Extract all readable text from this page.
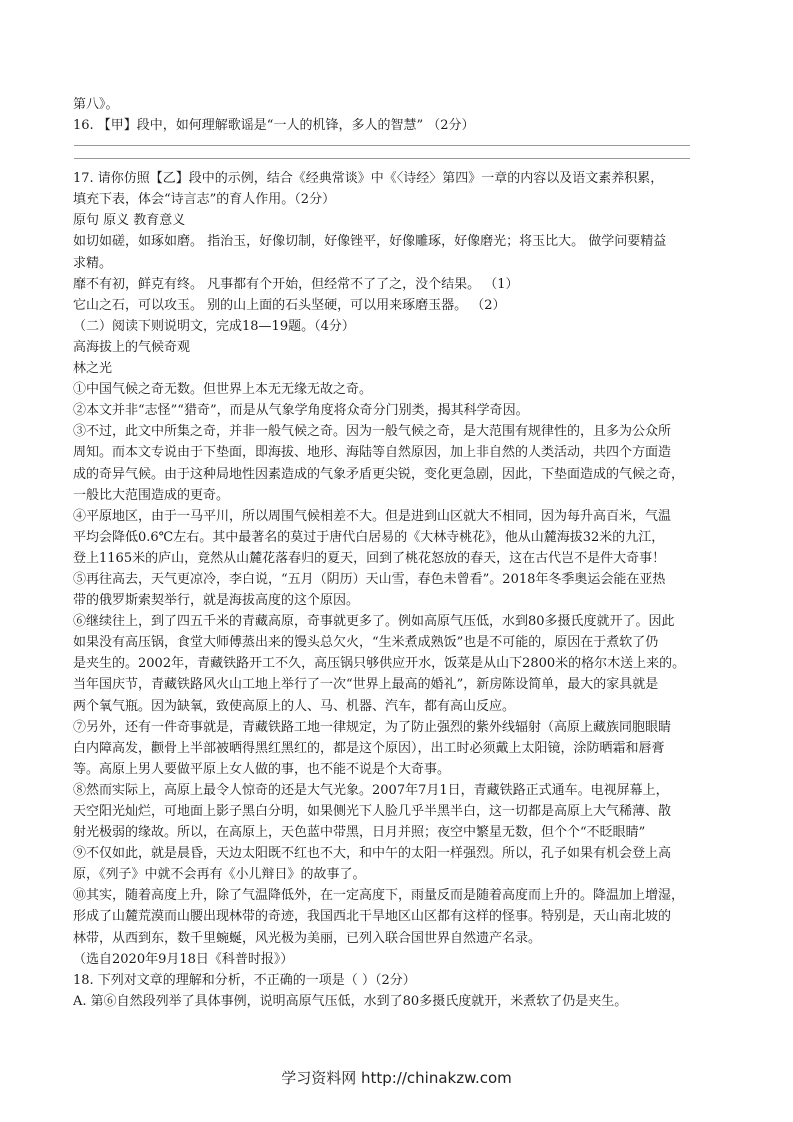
第八》。
16. 【甲】段中，如何理解歌谣是“一人的机锋，多人的智慧” （2分）
17. 请你仿照【乙】段中的示例，结合《经典常谈》中《〈诗经〉第四》一章的内容以及语文素养积累，
填充下表，体会“诗言志”的育人作用。（2分）
原句 原义 教育意义
如切如磋，如琢如磨。 指治玉，好像切制，好像锉平，好像雕琢，好像磨光；将玉比大。 做学问要精益
求精。
靡不有初，鲜克有终。 凡事都有个开始，但经常不了了之，没个结果。 （1）
它山之石，可以攻玉。 别的山上面的石头坚硬，可以用来琢磨玉器。 （2）
（二）阅读下则说明文，完成18—19题。（4分）
高海拔上的气候奇观
林之光
①中国气候之奇无数。但世界上本无无缘无故之奇。
②本文并非“志怪”“猎奇”，而是从气象学角度将众奇分门别类，揭其科学奇因。
③不过，此文中所集之奇，并非一般气候之奇。因为一般气候之奇，是大范围有规律性的，且多为公众所
周知。而本文专说由于下垫面，即海拔、地形、海陆等自然原因，加上非自然的人类活动，共四个方面造
成的奇异气候。由于这种局地性因素造成的气象矛盾更尖锐，变化更急剧，因此，下垫面造成的气候之奇，
一般比大范围造成的更奇。
④平原地区，由于一马平川，所以周围气候相差不大。但是进到山区就大不相同，因为每升高百米，气温
平均会降低0.6℃左右。其中最著名的莫过于唐代白居易的《大林寺桃花》，他从山麓海拔32米的九江，
登上1165米的庐山，竟然从山麓花落春归的夏天，回到了桃花怒放的春天，这在古代岂不是件大奇事！
⑤再往高去，天气更凉冷，李白说，“五月（阴历）天山雪，春色未曾看”。2018年冬季奥运会能在亚热
带的俄罗斯索契举行，就是海拔高度的这个原因。
⑥继续往上，到了四五千米的青藏高原，奇事就更多了。例如高原气压低，水到80多摄氏度就开了。因此
如果没有高压锅，食堂大师傅蒸出来的馒头总欠火，“生米煮成熟饭”也是不可能的，原因在于煮软了仍
是夹生的。2002年，青藏铁路开工不久，高压锅只够供应开水，饭菜是从山下2800米的格尔木送上来的。
当年国庆节，青藏铁路风火山工地上举行了一次“世界上最高的婚礼”，新房陈设简单，最大的家具就是
两个氧气瓶。因为缺氧，致使高原上的人、马、机器、汽车，都有高山反应。
⑦另外，还有一件奇事就是，青藏铁路工地一律规定，为了防止强烈的紫外线辐射（高原上藏族同胞眼睛
白内障高发，颧骨上半部被晒得黑红黑红的，都是这个原因），出工时必须戴上太阳镜，涂防晒霜和唇膏
等。高原上男人要做平原上女人做的事，也不能不说是个大奇事。
⑧然而实际上，高原上最令人惊奇的还是大气光象。2007年7月1日，青藏铁路正式通车。电视屏幕上，
天空阳光灿烂，可地面上影子黑白分明，如果侧光下人脸几乎半黑半白，这一切都是高原上大气稀薄、散
射光极弱的缘故。所以，在高原上，天色蓝中带黑，日月并照；夜空中繁星无数，但个个“不眨眼睛”
⑨不仅如此，就是晨昏，天边太阳既不红也不大，和中午的太阳一样强烈。所以，孔子如果有机会登上高
原，《列子》中就不会再有《小儿辩日》的故事了。
⑩其实，随着高度上升，除了气温降低外，在一定高度下，雨量反而是随着高度而上升的。降温加上增湿，
形成了山麓荒漠而山腰出现林带的奇迹，我国西北干旱地区山区都有这样的怪事。特别是，天山南北坡的
林带，从西到东，数千里蜿蜒，风光极为美丽，已列入联合国世界自然遗产名录。
（选自2020年9月18日《科普时报》）
18. 下列对文章的理解和分析，不正确的一项是（ ）（2分）
A. 第⑥自然段列举了具体事例，说明高原气压低，水到了80多摄氏度就开，米煮软了仍是夹生。
学习资料网 http://chinakzw.com
